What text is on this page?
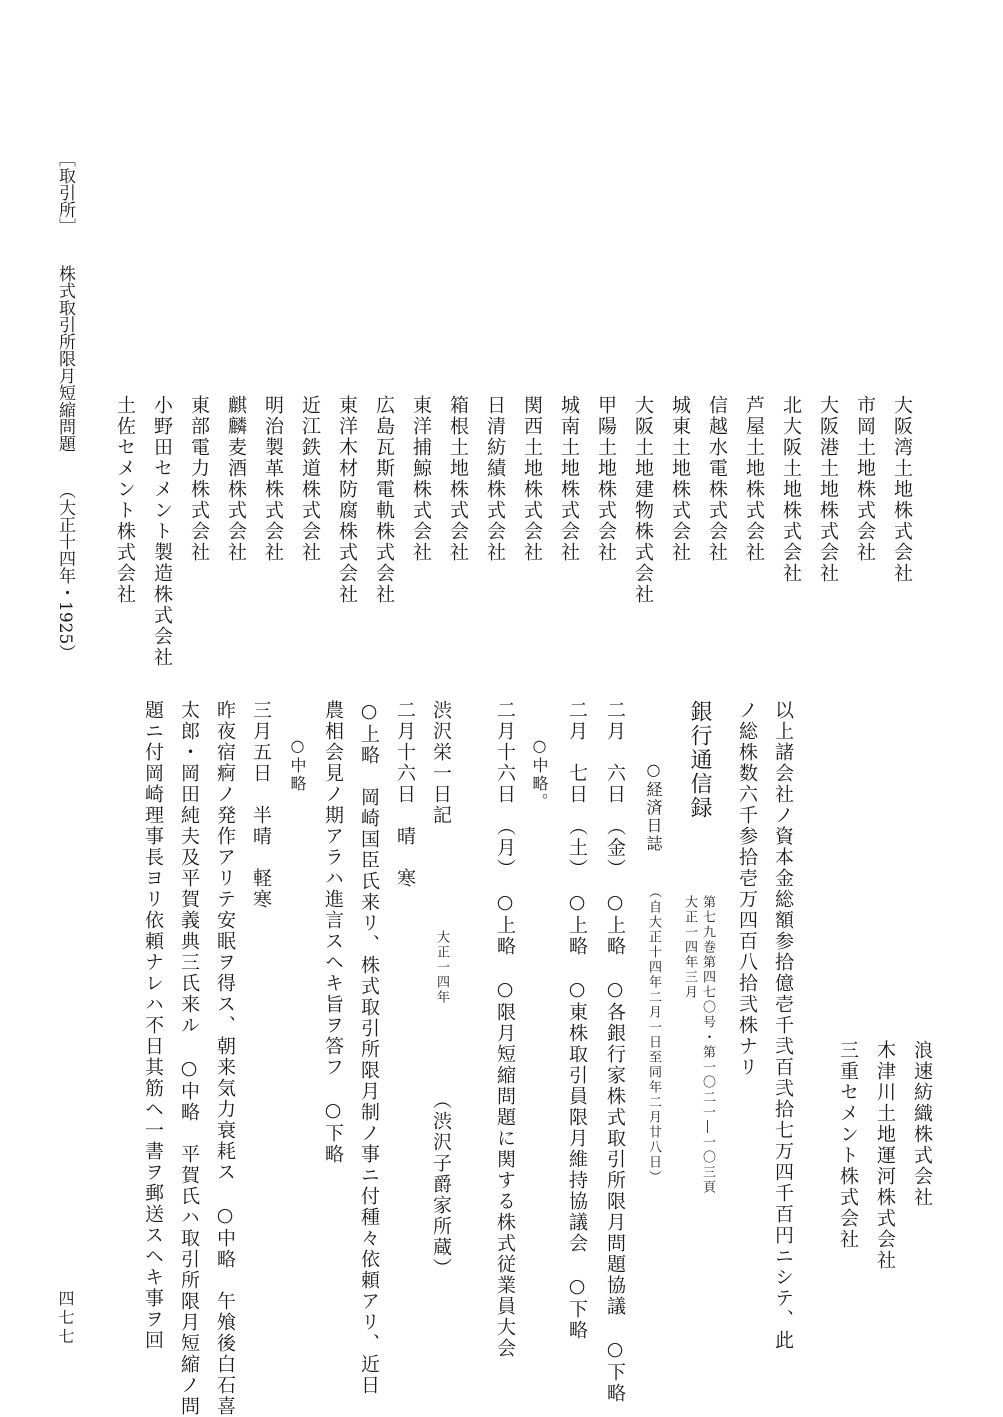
［取引所］株式取引所限月短縮問題（大正十四年・1925）	大阪湾土地株式会社
市岡土地株式会社
大阪港土地株式会社
北大阪土地株式会社
芦屋土地株式会社
信越水電株式会社
城東土地株式会社
大阪土地建物株式会社
甲陽土地株式会社
城南土地株式会社
関西土地株式会社
日清紡績株式会社
箱根土地株式会社
東洋捕鯨株式会社
広島瓦斯電軌株式会社
東洋木材防腐株式会社
近江鉄道株式会社
明治製革株式会社
麒麟麦酒株式会社
東部電力株式会社
小野田セメント製造株式会社
土佐セメント株式会社
浪速紡織株式会社
木津川土地運河株式会社
三重セメント株式会社
以上諸会社ノ資本金総額参拾億壱千弐百弐拾七万四千百円ニシテ、此
ノ総株数六千参拾壱万四百八拾弐株ナリ
銀行通信録
第七九巻第四七〇号・第一〇二一―一〇三頁
大正一四年三月
○経済日誌
（自大正十四年二月一日至同年二月廿八日）
二月　六日　（金）　○上略　○各銀行家株式取引所限月問題協議　○下略
二月　七日　（土）　○上略　○東株取引員限月維持協議会　○下略
○中略。
二月十六日　（月）　○上略　○限月短縮問題に関する株式従業員大会
渋沢栄一日記
大正一四年
（渋沢子爵家所蔵）
二月十六日　晴　寒
○上略　岡崎国臣氏来リ、株式取引所限月制ノ事ニ付種々依頼アリ、近日
農相会見ノ期アラハ進言スヘキ旨ヲ答フ　○下略
○中略
三月五日　半晴　軽寒
昨夜宿痾ノ発作アリテ安眠ヲ得ス、朝来気力衰耗ス　○中略　午飧後白石喜
太郎・岡田純夫及平賀義典三氏来ル　○中略　平賀氏ハ取引所限月短縮ノ問
題ニ付岡崎理事長ヨリ依頼ナレハ不日其筋ヘ一書ヲ郵送スヘキ事ヲ回
四七七
